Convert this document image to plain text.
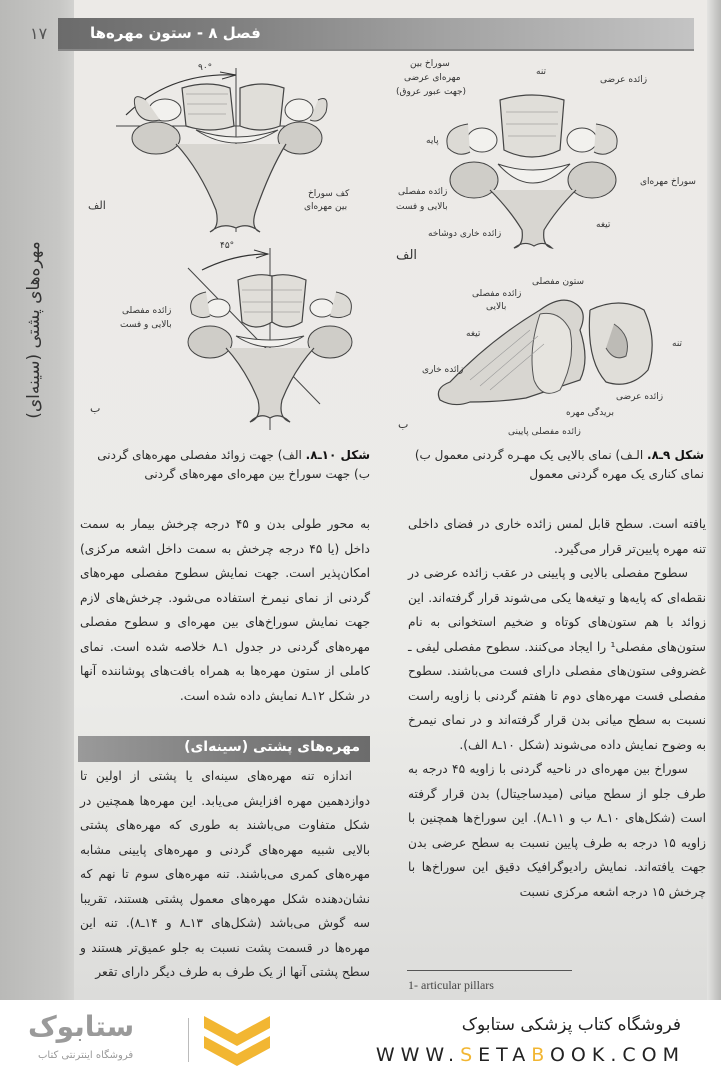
۱۷	فصل ۸ - ستون مهره‌ها
مهره‌های پشتی (سینه‌ای)
۹۰°
کف سوراخ
بین مهره‌ای
الف
۴۵°
زائده مفصلی
بالایی و فست
ب
سوراخ بین
مهره‌ای عرضی
(جهت عبور عروق)
تنه
زائده عرضی
پایه
سوراخ مهره‌ای
زائده مفصلی
بالایی و فست
تیغه
زائده خاری دوشاخه
الف
ستون مفصلی
زائده مفصلی
بالایی
تیغه
تنه
زائده خاری
زائده عرضی
بریدگی مهره
زائده مفصلی پایینی
ب
شکل ۱۰ـ۸. الف) جهت زوائد مفصلی مهره‌های گردنی ب) جهت سوراخ بین مهره‌ای مهره‌های گردنی
شکل ۹ـ۸. الـف) نمای بالایی یک مهـره گردنی معمول ب) نمای کناری یک مهره گردنی معمول

یافته است. سطح قابل لمس زائده خاری در فضای داخلی تنه مهره پایین‌تر قرار می‌گیرد.

سطوح مفصلی بالایی و پایینی در عقب زائده عرضی در نقطه‌ای که پایه‌ها و تیغه‌ها یکی می‌شوند قرار گرفته‌اند. این زوائد با هم ستون‌های کوتاه و ضخیم استخوانی به نام ستون‌های مفصلی¹ را ایجاد می‌کنند. سطوح مفصلی لیفی ـ غضروفی ستون‌های مفصلی دارای فست می‌باشند. سطوح مفصلی فست مهره‌های دوم تا هفتم گردنی با زاویه راست نسبت به سطح میانی بدن قرار گرفته‌اند و در نمای نیمرخ به وضوح نمایش داده می‌شوند (شکل ۱۰ـ۸ الف).

سوراخ بین مهره‌ای در ناحیه گردنی با زاویه ۴۵ درجه به طرف جلو از سطح میانی (میدساجیتال) بدن قرار گرفته است (شکل‌های ۱۰ـ۸ ب و ۱۱ـ۸). این سوراخ‌ها همچنین با زاویه ۱۵ درجه به طرف پایین نسبت به سطح عرضی بدن جهت یافته‌اند. نمایش رادیوگرافیک دقیق این سوراخ‌ها با چرخش ۱۵ درجه اشعه مرکزی نسبت

1- articular pillars

به محور طولی بدن و ۴۵ درجه چرخش بیمار به سمت داخل (یا ۴۵ درجه چرخش به سمت داخل اشعه مرکزی) امکان‌پذیر است. جهت نمایش سطوح مفصلی مهره‌های گردنی از نمای نیمرخ استفاده می‌شود. چرخش‌های لازم جهت نمایش سوراخ‌های بین مهره‌ای و سطوح مفصلی مهره‌های گردنی در جدول ۱ـ۸ خلاصه شده است. نمای کاملی از ستون مهره‌ها به همراه بافت‌های پوشاننده آنها در شکل ۱۲ـ۸ نمایش داده شده است.

مهره‌های پشتی (سینه‌ای)

اندازه تنه مهره‌های سینه‌ای یا پشتی از اولین تا دوازدهمین مهره افزایش می‌یابد. این مهره‌ها همچنین در شکل متفاوت می‌باشند به طوری که مهره‌های پشتی بالایی شبیه مهره‌های گردنی و مهره‌های پایینی مشابه مهره‌های کمری می‌باشند. تنه مهره‌های سوم تا نهم که نشان‌دهنده شکل مهره‌های معمول پشتی هستند، تقریبا سه گوش می‌باشد (شکل‌های ۱۳ـ۸ و ۱۴ـ۸). تنه این مهره‌ها در قسمت پشت نسبت به جلو عمیق‌تر هستند و سطح پشتی آنها از یک طرف به طرف دیگر دارای تقعر

ستابوک
فروشگاه اینترنتی کتاب
فروشگاه کتاب پزشکی ستابوک
WWW.SETABOOK.COM
